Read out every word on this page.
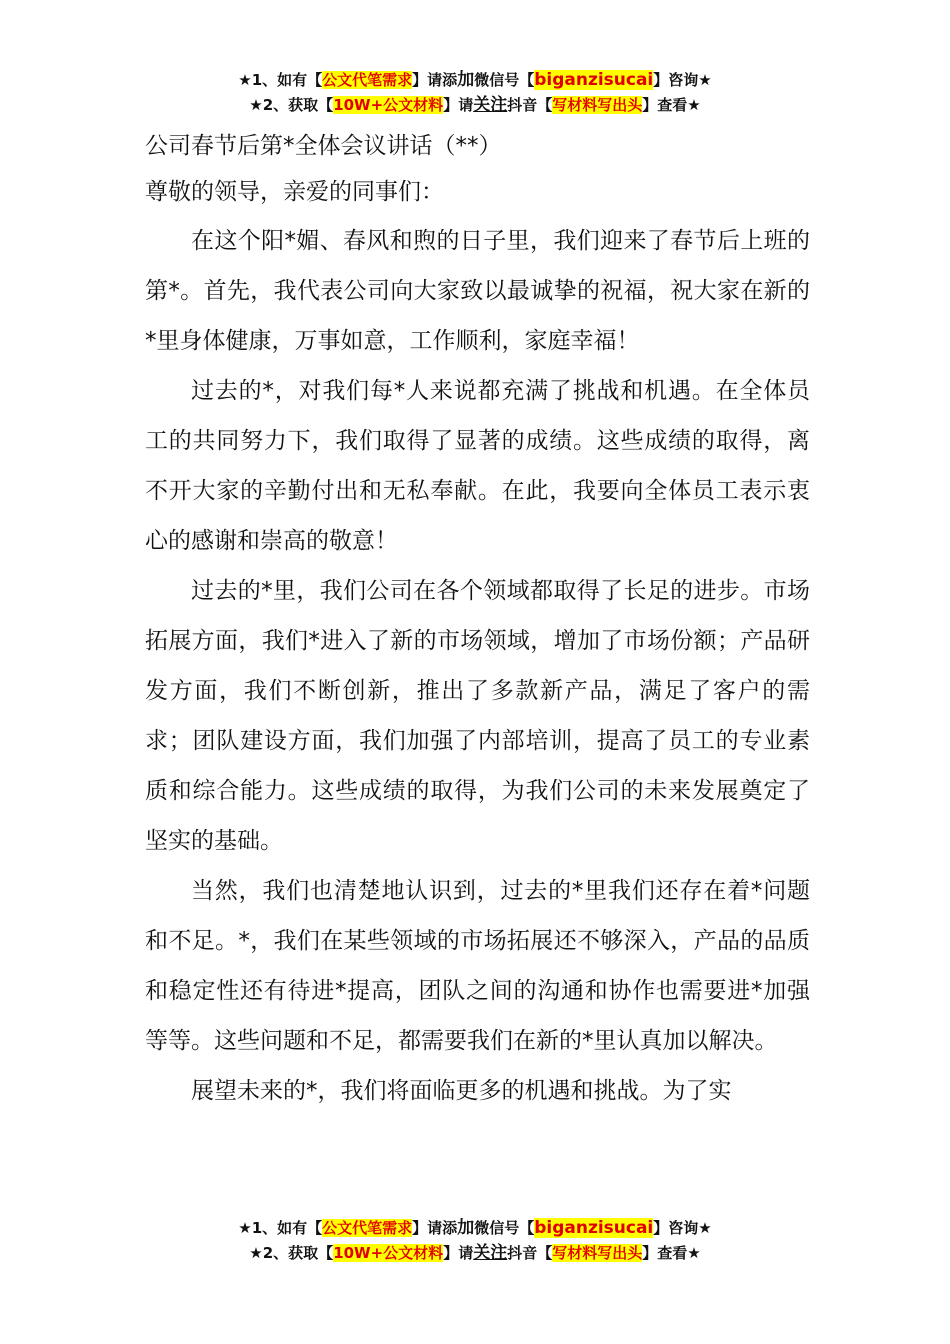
★1、如有【公文代笔需求】请添加微信号【biganzisucai】咨询★
★2、获取【10W+公文材料】请关注抖音【写材料写出头】查看★

公司春节后第*全体会议讲话（**）

尊敬的领导，亲爱的同事们：

在这个阳*媚、春风和煦的日子里，我们迎来了春节后上班的第*。首先，我代表公司向大家致以最诚挚的祝福，祝大家在新的*里身体健康，万事如意，工作顺利，家庭幸福！

过去的*，对我们每*人来说都充满了挑战和机遇。在全体员工的共同努力下，我们取得了显著的成绩。这些成绩的取得，离不开大家的辛勤付出和无私奉献。在此，我要向全体员工表示衷心的感谢和崇高的敬意！

过去的*里，我们公司在各个领域都取得了长足的进步。市场拓展方面，我们*进入了新的市场领域，增加了市场份额；产品研发方面，我们不断创新，推出了多款新产品，满足了客户的需求；团队建设方面，我们加强了内部培训，提高了员工的专业素质和综合能力。这些成绩的取得，为我们公司的未来发展奠定了坚实的基础。

当然，我们也清楚地认识到，过去的*里我们还存在着*问题和不足。*，我们在某些领域的市场拓展还不够深入，产品的品质和稳定性还有待进*提高，团队之间的沟通和协作也需要进*加强等等。这些问题和不足，都需要我们在新的*里认真加以解决。

展望未来的*，我们将面临更多的机遇和挑战。为了实

★1、如有【公文代笔需求】请添加微信号【biganzisucai】咨询★
★2、获取【10W+公文材料】请关注抖音【写材料写出头】查看★
